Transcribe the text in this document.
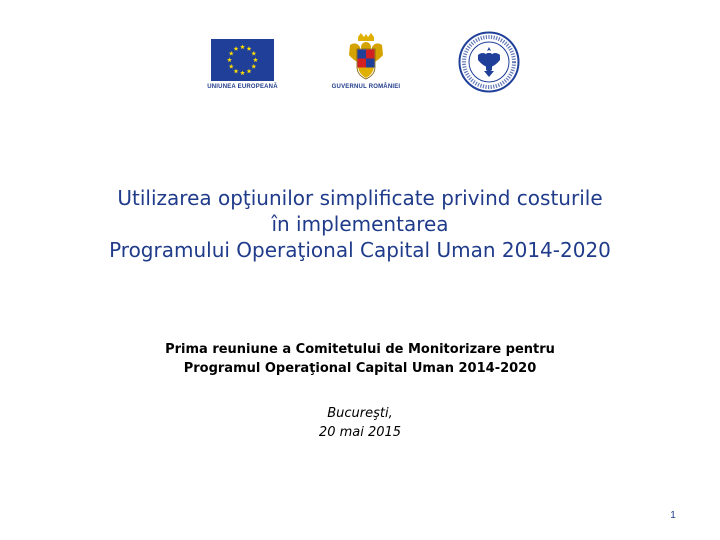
UNIUNEA EUROPEANĂ	GUVERNUL ROMÂNIEI
Utilizarea opţiunilor simplificate privind costurile
în implementarea
Programului Operaţional Capital Uman 2014-2020
Prima reuniune a Comitetului de Monitorizare pentru
Programul Operaţional Capital Uman 2014-2020
Bucureşti,
20 mai 2015
1
